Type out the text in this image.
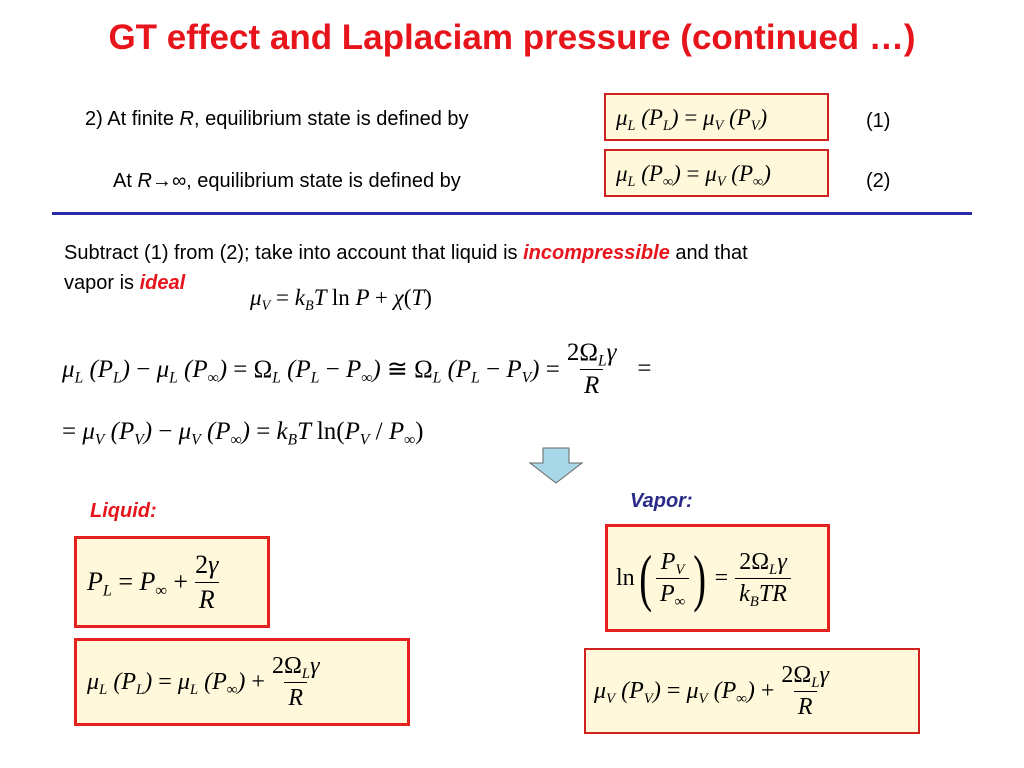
GT effect and Laplaciam pressure (continued …)
2) At finite R, equilibrium state is defined by	$\mu_L$ $(P_L) = \mu_V$ $(P_V)$	(1)
At R→∞, equilibrium state is defined by	$\mu_L$ $(P_\infty) = \mu_V$ $(P_\infty)$	(2)
Subtract (1) from (2); take into account that liquid is incompressible and that
vapor is ideal
$\mu_V = k_BT$ ln P + χ(T)
$\mu_L$ $(P_L) - \mu_L$ $(P_\infty) = \Omega_L$ $(P_L - P_\infty)$ ≅ $\Omega_L$ $(P_L - P_V) = \frac{2\Omega_L\gamma}{R}$ =
= $\mu_V$ $(P_V) - \mu_V$ $(P_\infty) = k_BT$ $\ln(P_V / P_\infty)$
Liquid:	Vapor:
$P_L = P_\infty + \frac{2\gamma}{R}$
$\mu_L$ $(P_L) = \mu_L$ $(P_\infty) + \frac{2\Omega_L\gamma}{R}$
ln ( $\frac{P_V}{P_\infty}$ ) = $\frac{2\Omega_L\gamma}{k_BTR}$
$\mu_V$ $(P_V) = \mu_V$ $(P_\infty) + \frac{2\Omega_L\gamma}{R}$
